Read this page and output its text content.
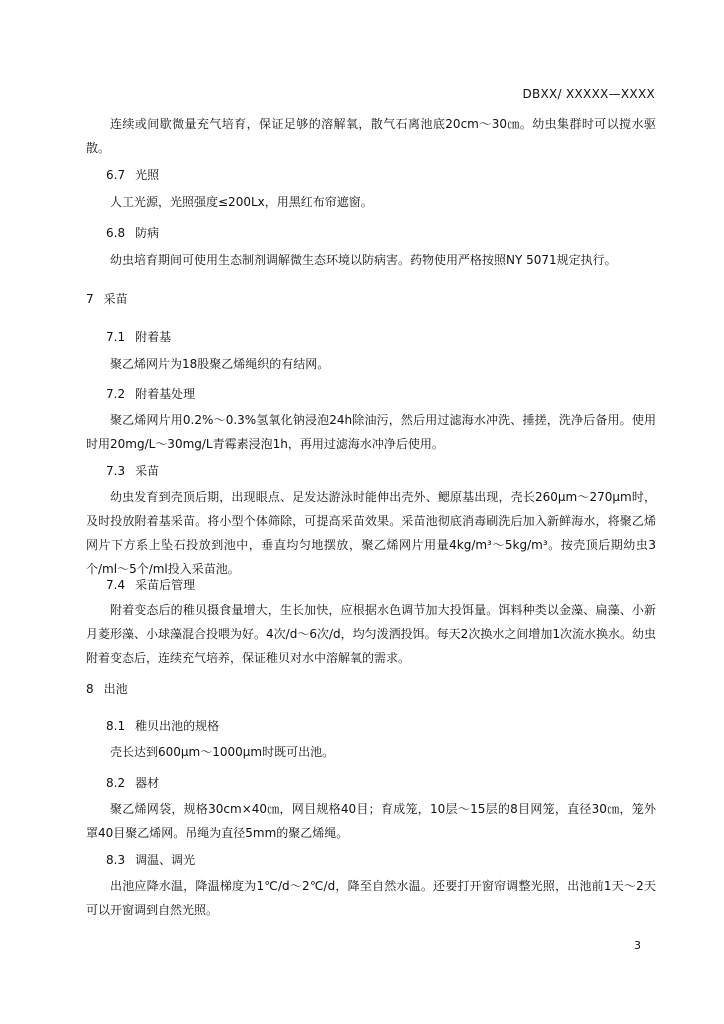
DBXX/ XXXXX—XXXX

连续或间歇微量充气培育，保证足够的溶解氧，散气石离池底20cm～30㎝。幼虫集群时可以搅水驱散。

6.7 光照

人工光源，光照强度≤200Lx，用黑红布帘遮窗。

6.8 防病

幼虫培育期间可使用生态制剂调解微生态环境以防病害。药物使用严格按照NY 5071规定执行。

7 采苗
7.1 附着基

聚乙烯网片为18股聚乙烯绳织的有结网。

7.2 附着基处理

聚乙烯网片用0.2%～0.3%氢氧化钠浸泡24h除油污，然后用过滤海水冲洗、捶搓，洗净后备用。使用时用20mg/L～30mg/L青霉素浸泡1h，再用过滤海水冲净后使用。

7.3 采苗

幼虫发育到壳顶后期，出现眼点、足发达游泳时能伸出壳外、鳃原基出现，壳长260μm～270μm时，及时投放附着基采苗。将小型个体筛除，可提高采苗效果。采苗池彻底消毒刷洗后加入新鲜海水，将聚乙烯网片下方系上坠石投放到池中，垂直均匀地摆放，聚乙烯网片用量4kg/m³～5kg/m³。按壳顶后期幼虫3个/ml～5个/ml投入采苗池。

7.4 采苗后管理

附着变态后的稚贝摄食量增大，生长加快，应根据水色调节加大投饵量。饵料种类以金藻、扁藻、小新月菱形藻、小球藻混合投喂为好。4次/d～6次/d，均匀泼洒投饵。每天2次换水之间增加1次流水换水。幼虫附着变态后，连续充气培养，保证稚贝对水中溶解氧的需求。

8 出池
8.1 稚贝出池的规格

壳长达到600μm～1000μm时既可出池。

8.2 器材

聚乙烯网袋，规格30cm×40㎝，网目规格40目；育成笼，10层～15层的8目网笼，直径30㎝，笼外罩40目聚乙烯网。吊绳为直径5mm的聚乙烯绳。

8.3 调温、调光

出池应降水温，降温梯度为1℃/d～2℃/d，降至自然水温。还要打开窗帘调整光照，出池前1天～2天可以开窗调到自然光照。

3
